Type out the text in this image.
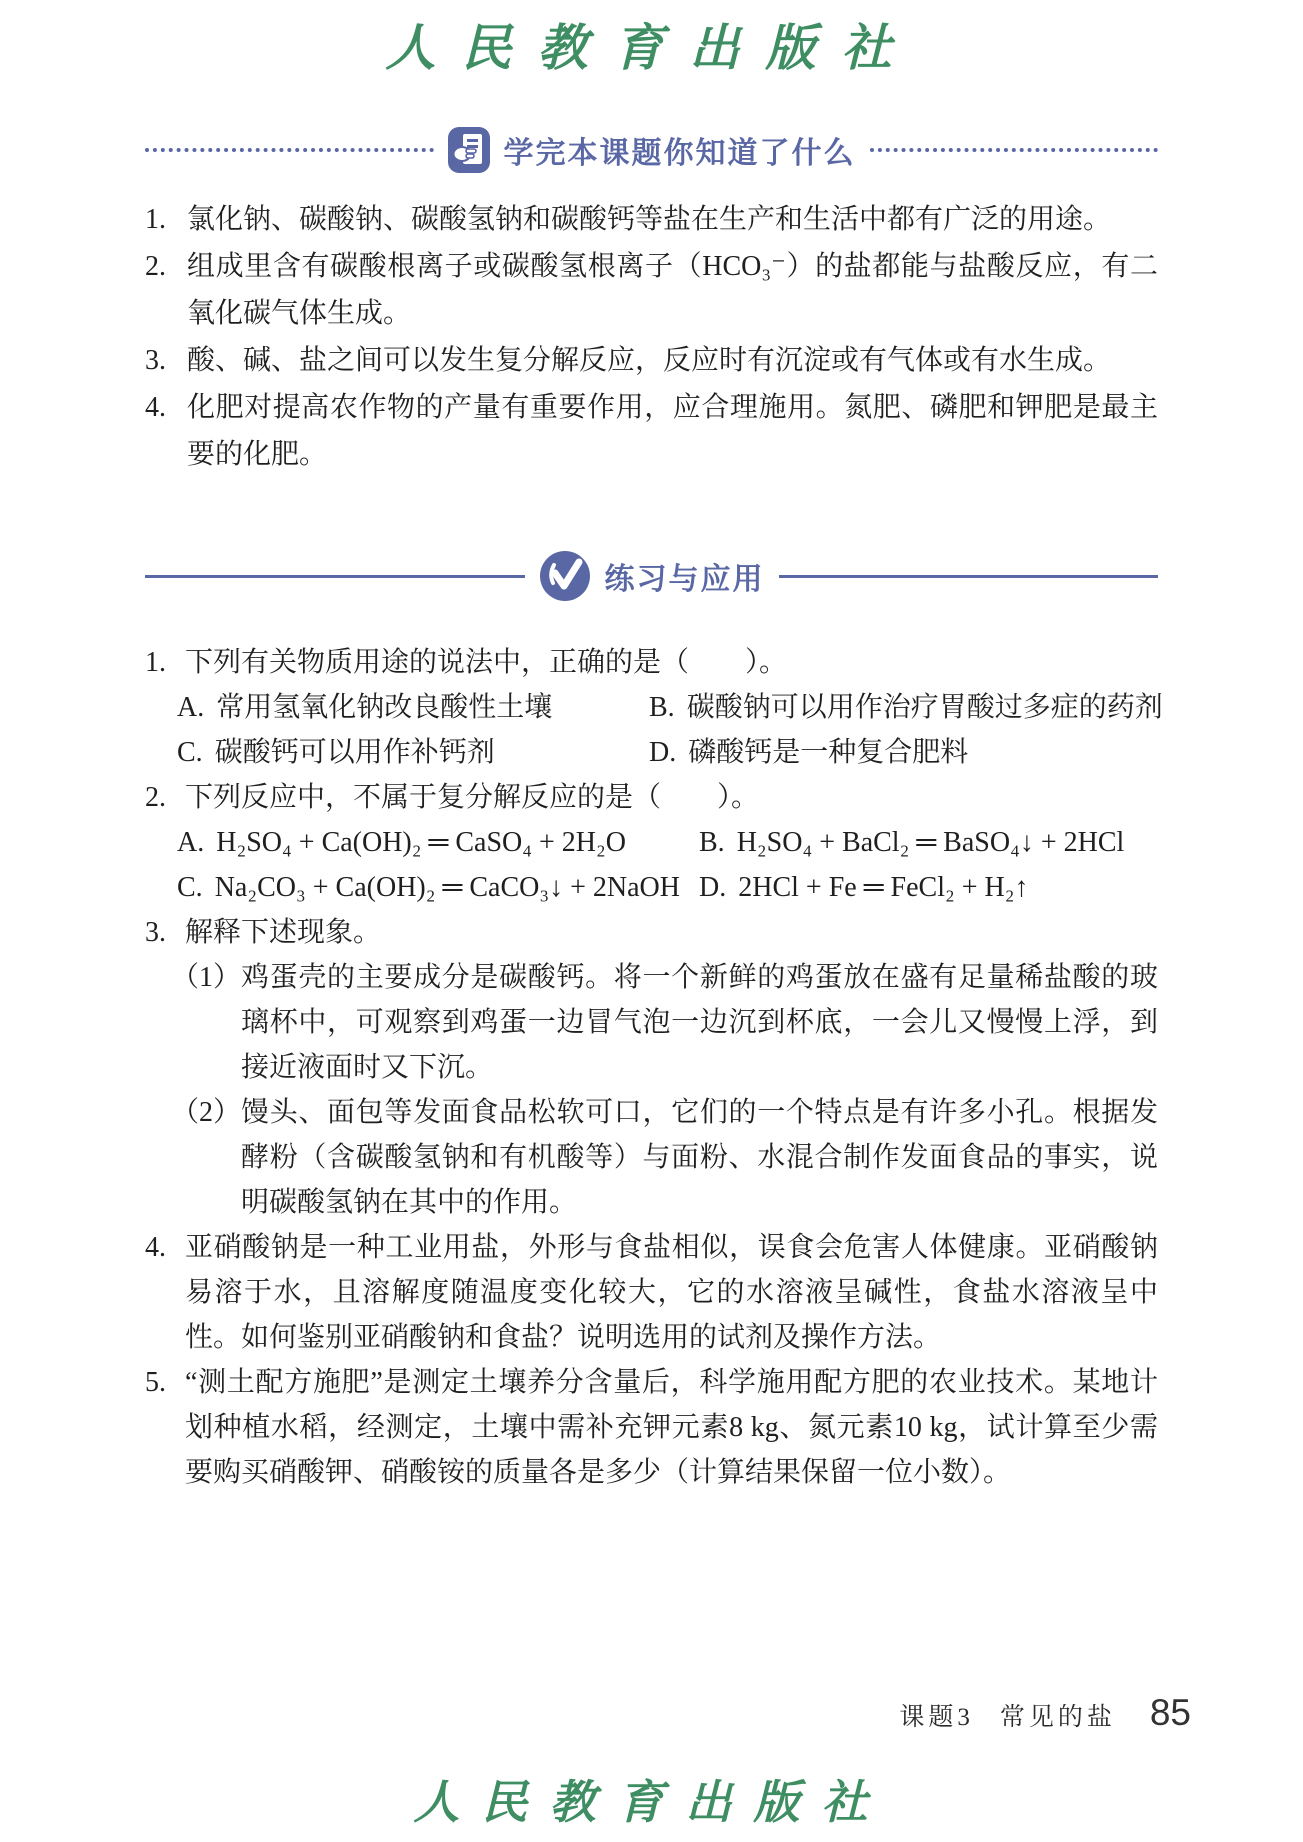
人民教育出版社
学完本课题你知道了什么
1. 氯化钠、碳酸钠、碳酸氢钠和碳酸钙等盐在生产和生活中都有广泛的用途。
2. 组成里含有碳酸根离子或碳酸氢根离子（HCO₃⁻）的盐都能与盐酸反应，有二氧化碳气体生成。
3. 酸、碱、盐之间可以发生复分解反应，反应时有沉淀或有气体或有水生成。
4. 化肥对提高农作物的产量有重要作用，应合理施用。氮肥、磷肥和钾肥是最主要的化肥。
练习与应用
1. 下列有关物质用途的说法中，正确的是（　　）。
A. 常用氢氧化钠改良酸性土壤	B. 碳酸钠可以用作治疗胃酸过多症的药剂
C. 碳酸钙可以用作补钙剂	D. 磷酸钙是一种复合肥料
2. 下列反应中，不属于复分解反应的是（　　）。
A. H₂SO₄ + Ca(OH)₂ ═ CaSO₄ + 2H₂O	B. H₂SO₄ + BaCl₂ ═ BaSO₄↓ + 2HCl
C. Na₂CO₃ + Ca(OH)₂ ═ CaCO₃↓ + 2NaOH D. 2HCl + Fe ═ FeCl₂ + H₂↑
3. 解释下述现象。
（1） 鸡蛋壳的主要成分是碳酸钙。将一个新鲜的鸡蛋放在盛有足量稀盐酸的玻璃杯中，可观察到鸡蛋一边冒气泡一边沉到杯底，一会儿又慢慢上浮，到接近液面时又下沉。
（2） 馒头、面包等发面食品松软可口，它们的一个特点是有许多小孔。根据发酵粉（含碳酸氢钠和有机酸等）与面粉、水混合制作发面食品的事实，说明碳酸氢钠在其中的作用。
4. 亚硝酸钠是一种工业用盐，外形与食盐相似，误食会危害人体健康。亚硝酸钠易溶于水，且溶解度随温度变化较大，它的水溶液呈碱性，食盐水溶液呈中性。如何鉴别亚硝酸钠和食盐？说明选用的试剂及操作方法。
5. “测土配方施肥”是测定土壤养分含量后，科学施用配方肥的农业技术。某地计划种植水稻，经测定，土壤中需补充钾元素8 kg、氮元素10 kg，试计算至少需要购买硝酸钾、硝酸铵的质量各是多少（计算结果保留一位小数）。
课题3 常见的盐 85
人民教育出版社
